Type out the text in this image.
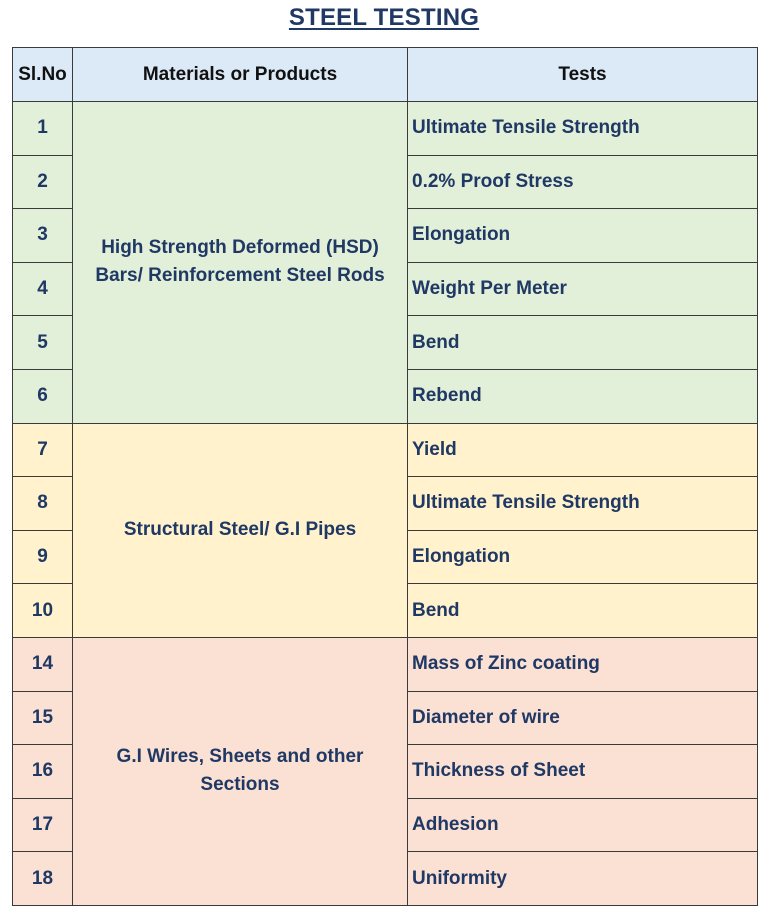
STEEL TESTING
Sl.No	Materials or Products	Tests
1	High Strength Deformed (HSD) Bars/ Reinforcement Steel Rods	Ultimate Tensile Strength
2		0.2% Proof Stress
3		Elongation
4		Weight Per Meter
5		Bend
6		Rebend
7	Structural Steel/ G.I Pipes	Yield
8		Ultimate Tensile Strength
9		Elongation
10		Bend
14	G.I Wires, Sheets and other Sections	Mass of Zinc coating
15		Diameter of wire
16		Thickness of Sheet
17		Adhesion
18		Uniformity
